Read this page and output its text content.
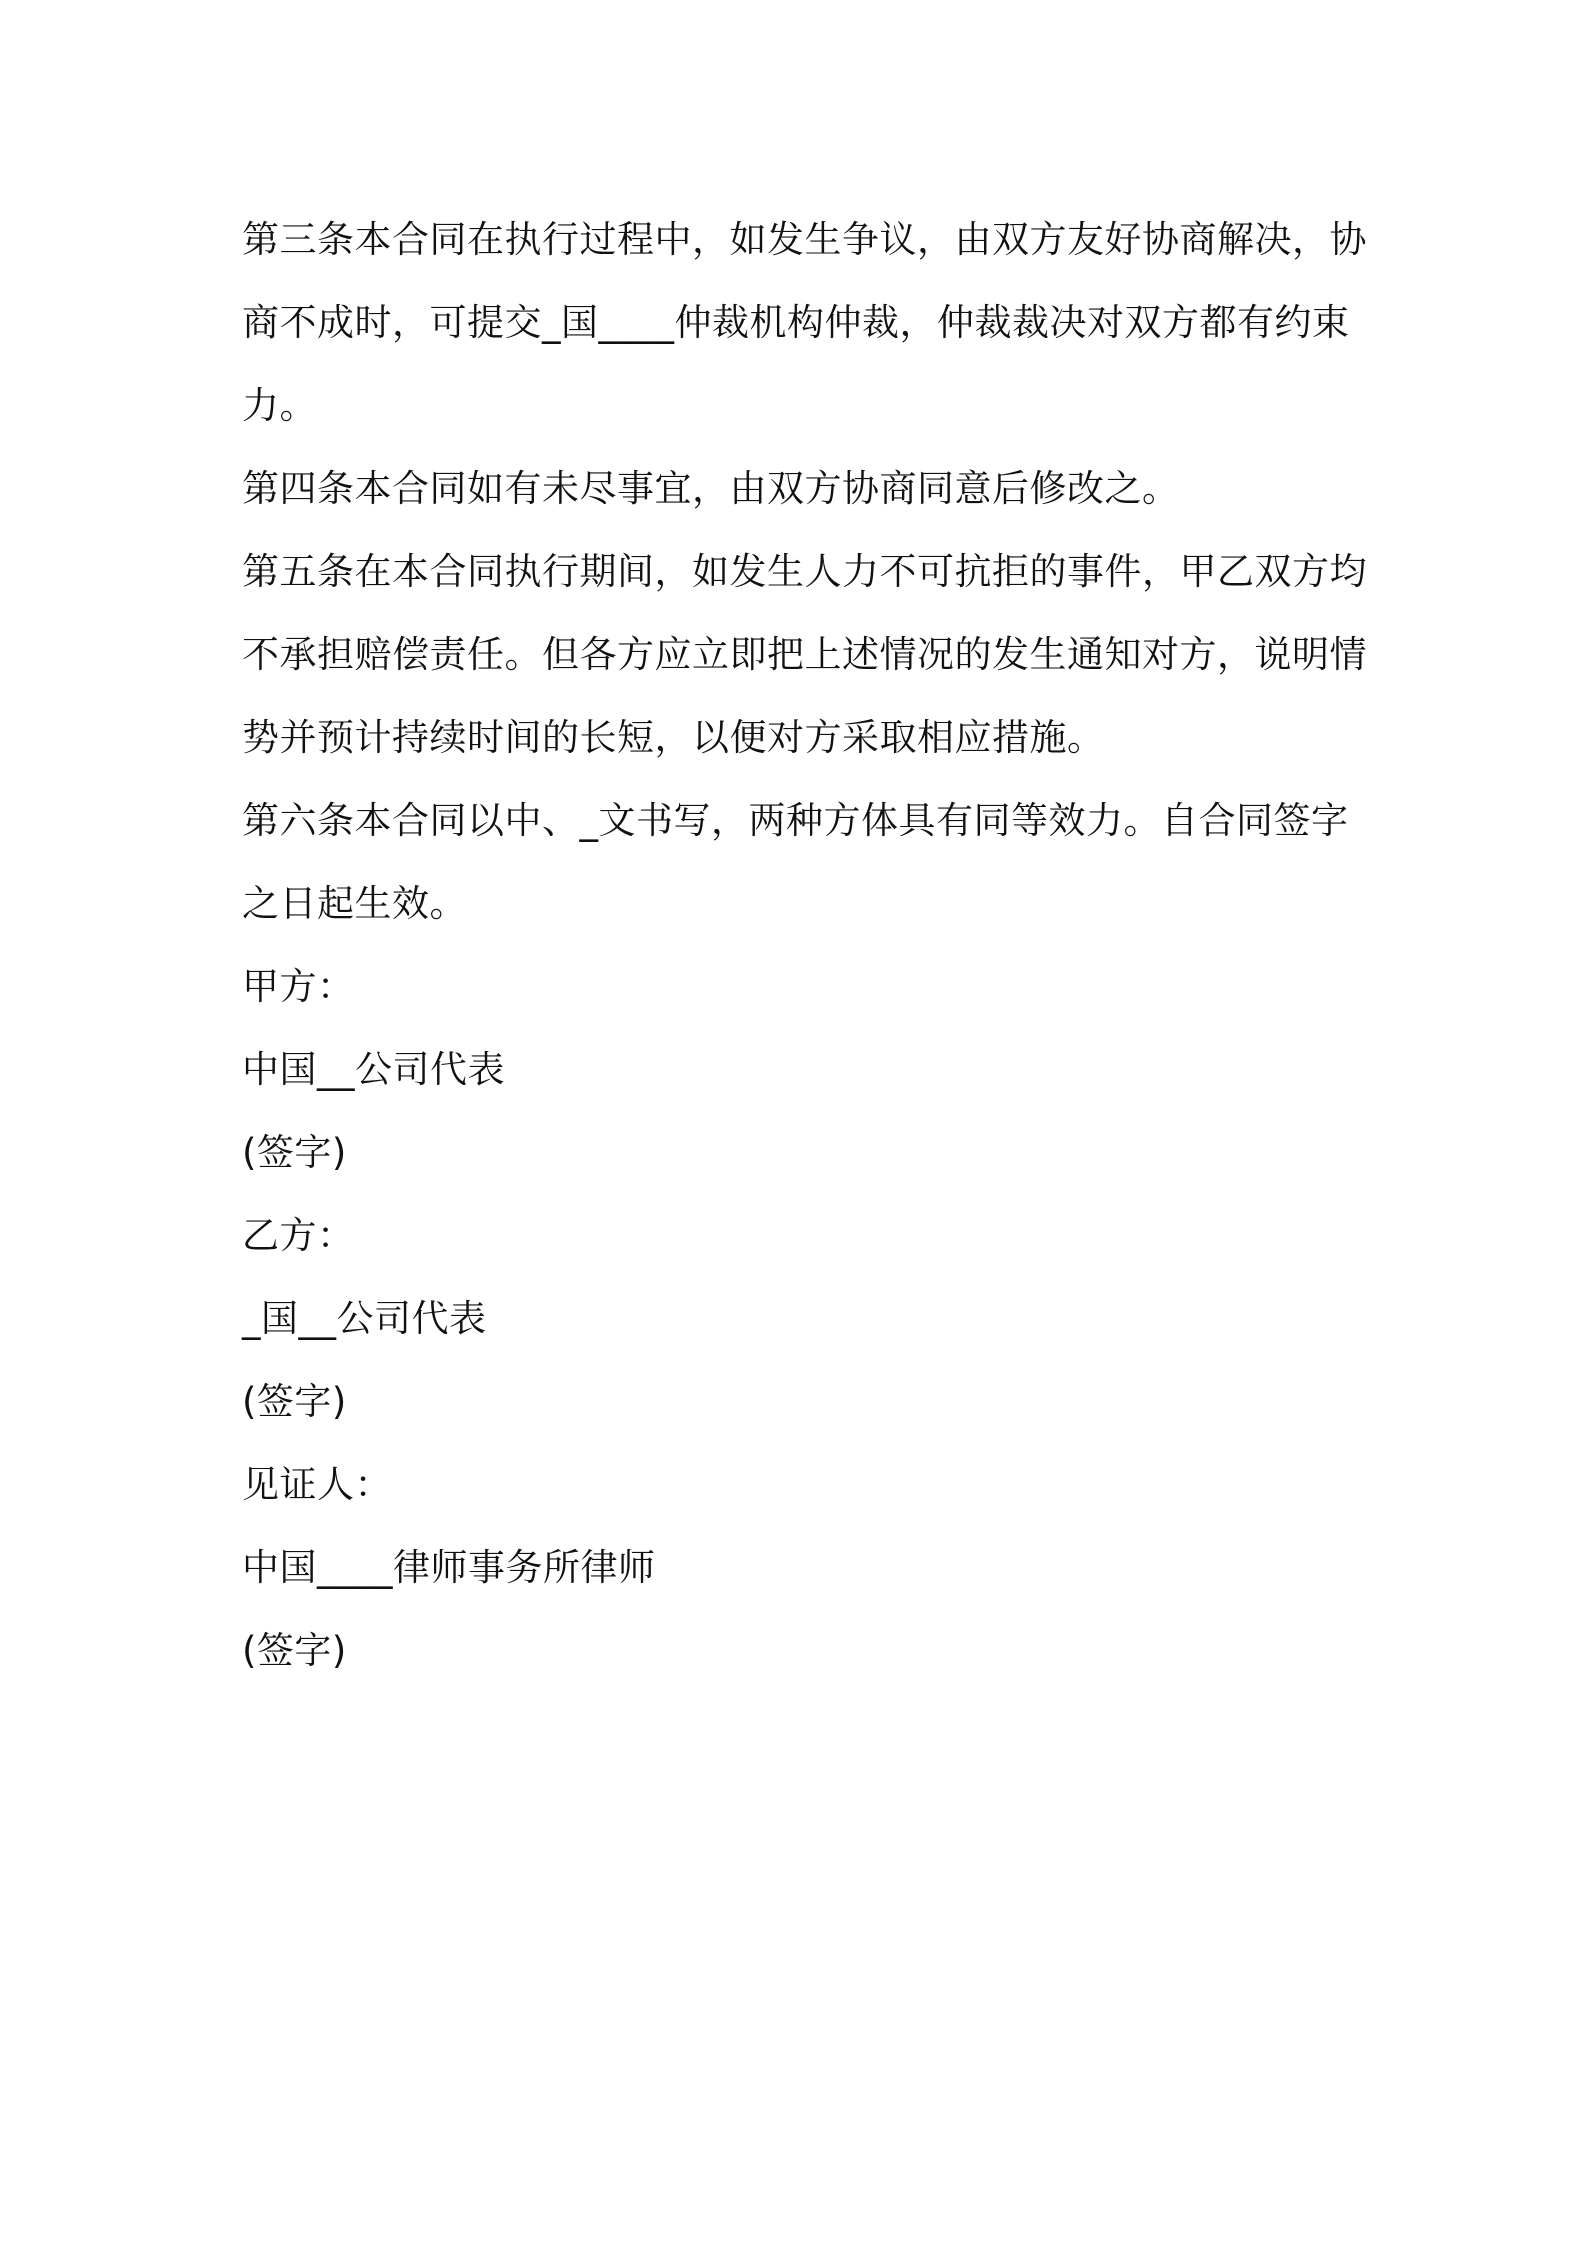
第三条本合同在执行过程中，如发生争议，由双方友好协商解决，协
商不成时，可提交_国____仲裁机构仲裁，仲裁裁决对双方都有约束
力。
第四条本合同如有未尽事宜，由双方协商同意后修改之。
第五条在本合同执行期间，如发生人力不可抗拒的事件，甲乙双方均
不承担赔偿责任。但各方应立即把上述情况的发生通知对方，说明情
势并预计持续时间的长短，以便对方采取相应措施。
第六条本合同以中、_文书写，两种方体具有同等效力。自合同签字
之日起生效。
甲方：
中国__公司代表
(签字)
乙方：
_国__公司代表
(签字)
见证人：
中国____律师事务所律师
(签字)
